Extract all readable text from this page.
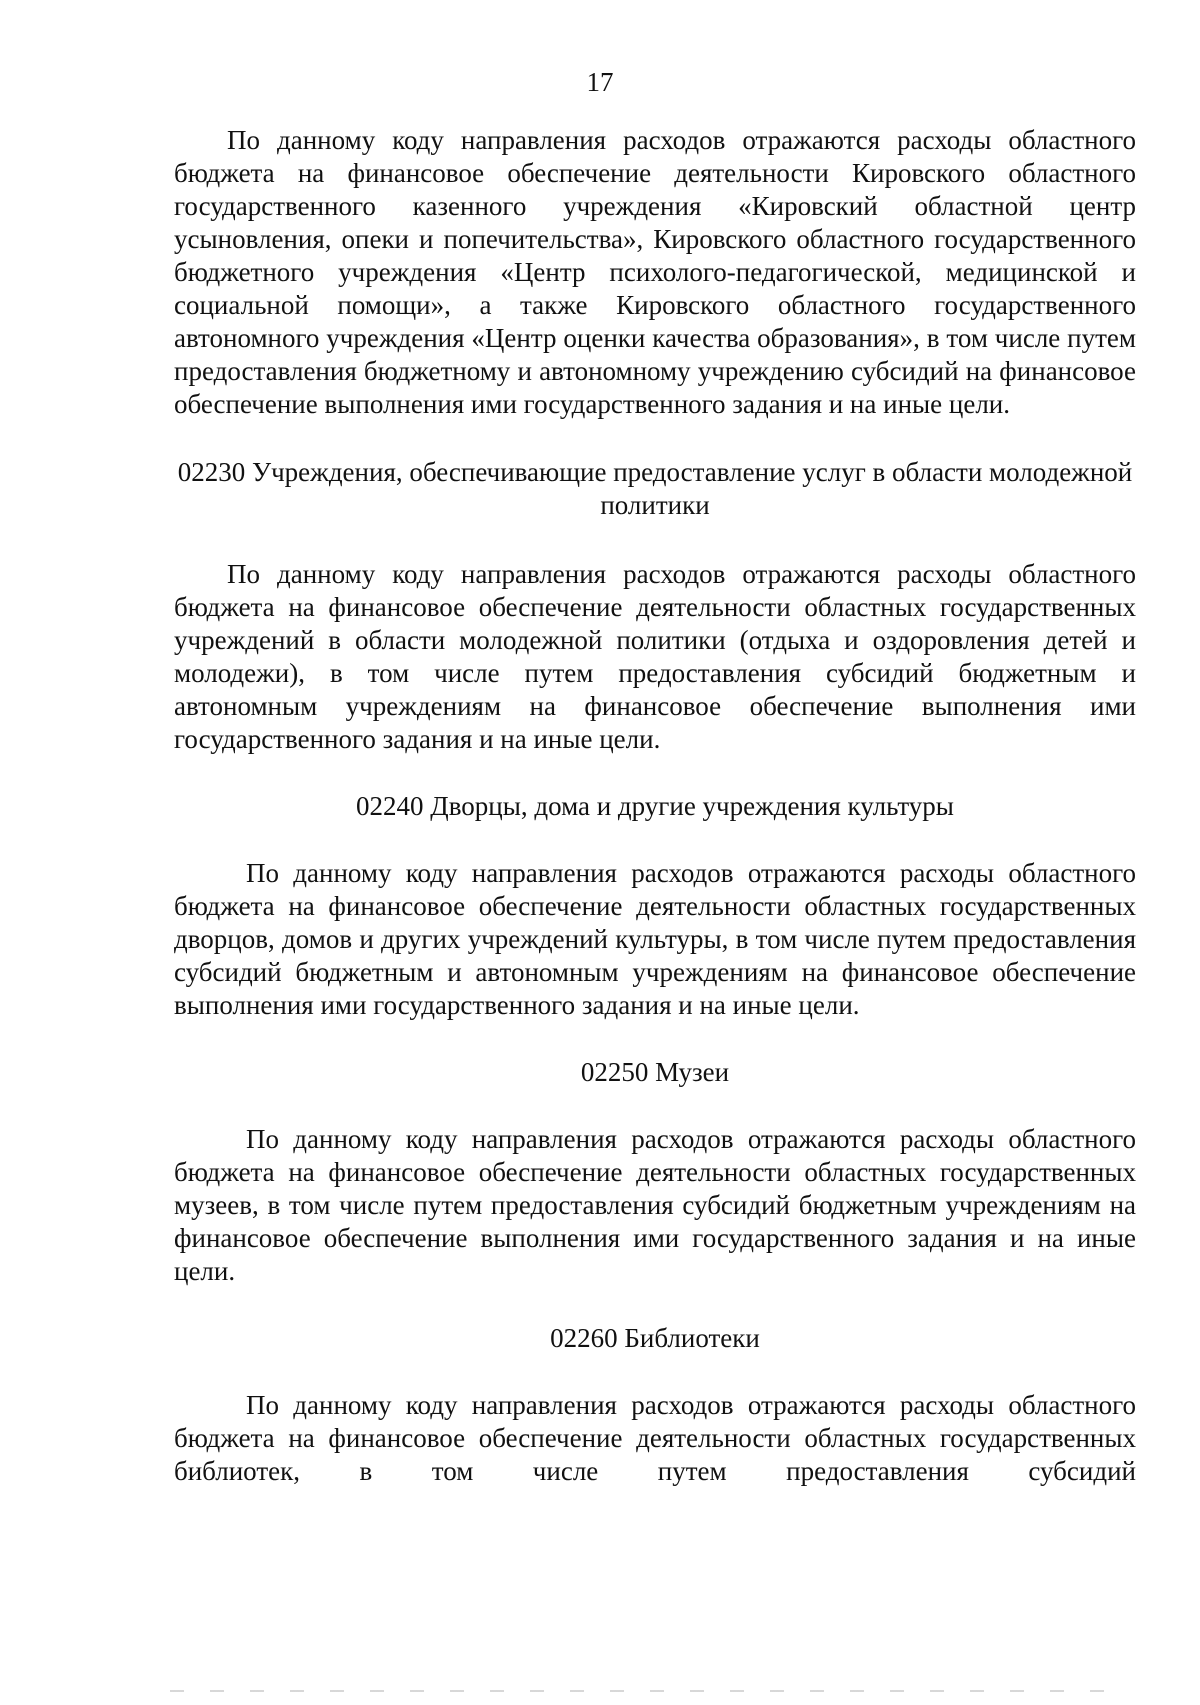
17

По данному коду направления расходов отражаются расходы областного бюджета на финансовое обеспечение деятельности Кировского областного государственного казенного учреждения «Кировский областной центр усыновления, опеки и попечительства», Кировского областного государственного бюджетного учреждения «Центр психолого-педагогической, медицинской и социальной помощи», а также Кировского областного государственного автономного учреждения «Центр оценки качества образования», в том числе путем предоставления бюджетному и автономному учреждению субсидий на финансовое обеспечение выполнения ими государственного задания и на иные цели.

02230 Учреждения, обеспечивающие предоставление услуг в области молодежной политики

По данному коду направления расходов отражаются расходы областного бюджета на финансовое обеспечение деятельности областных государственных учреждений в области молодежной политики (отдыха и оздоровления детей и молодежи), в том числе путем предоставления субсидий бюджетным и автономным учреждениям на финансовое обеспечение выполнения ими государственного задания и на иные цели.

02240 Дворцы, дома и другие учреждения культуры

По данному коду направления расходов отражаются расходы областного бюджета на финансовое обеспечение деятельности областных государственных дворцов, домов и других учреждений культуры, в том числе путем предоставления субсидий бюджетным и автономным учреждениям на финансовое обеспечение выполнения ими государственного задания и на иные цели.

02250 Музеи

По данному коду направления расходов отражаются расходы областного бюджета на финансовое обеспечение деятельности областных государственных музеев, в том числе путем предоставления субсидий бюджетным учреждениям на финансовое обеспечение выполнения ими государственного задания и на иные цели.

02260 Библиотеки

По данному коду направления расходов отражаются расходы областного бюджета на финансовое обеспечение деятельности областных государственных библиотек, в том числе путем предоставления субсидий
